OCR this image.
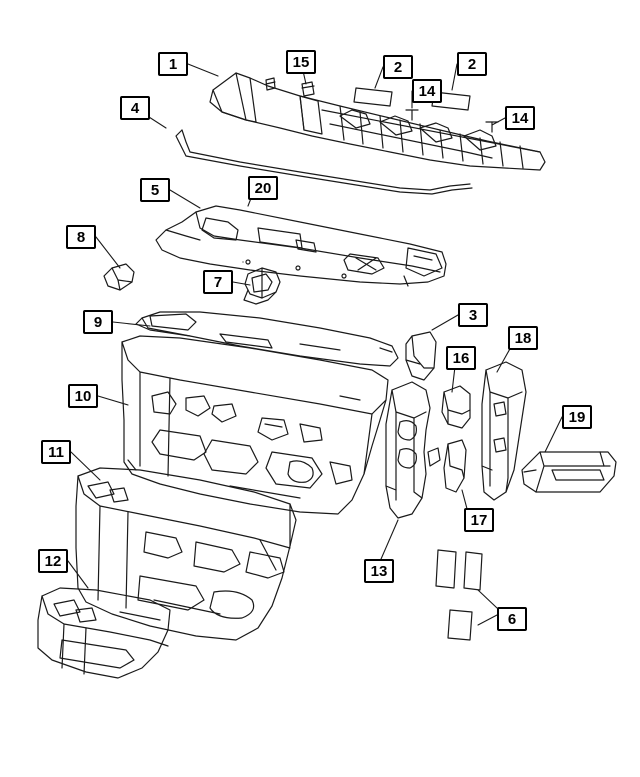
1	15	2	2
14
14
4
5	20
8
7
3
9
16
18
10
19
11
17
12
13
6
